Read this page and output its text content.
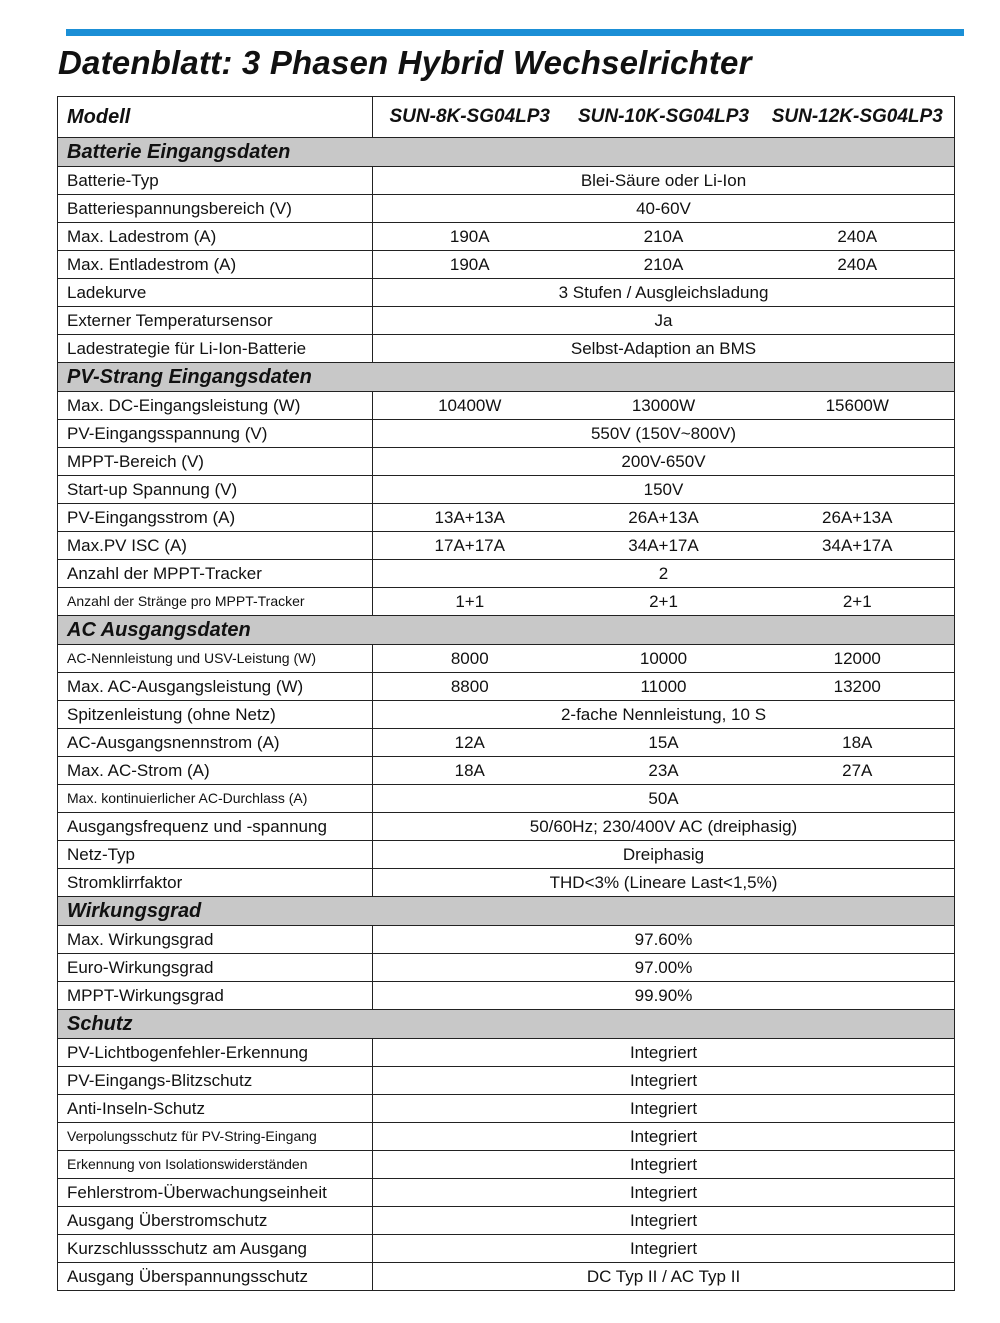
Datenblatt: 3 Phasen Hybrid Wechselrichter
Modell	SUN-8K-SG04LP3	SUN-10K-SG04LP3	SUN-12K-SG04LP3
Batterie Eingangsdaten			
Batterie-Typ	Blei-Säure oder Li-Ion		
Batteriespannungsbereich (V)	40-60V		
Max. Ladestrom (A)	190A	210A	240A
Max. Entladestrom (A)	190A	210A	240A
Ladekurve	3 Stufen / Ausgleichsladung		
Externer Temperatursensor	Ja		
Ladestrategie für Li-Ion-Batterie	Selbst-Adaption an BMS		
PV-Strang Eingangsdaten			
Max. DC-Eingangsleistung (W)	10400W	13000W	15600W
PV-Eingangsspannung (V)	550V (150V~800V)		
MPPT-Bereich (V)	200V-650V		
Start-up Spannung (V)	150V		
PV-Eingangsstrom (A)	13A+13A	26A+13A	26A+13A
Max.PV ISC (A)	17A+17A	34A+17A	34A+17A
Anzahl der MPPT-Tracker	2		
Anzahl der Stränge pro MPPT-Tracker	1+1	2+1	2+1
AC Ausgangsdaten			
AC-Nennleistung und USV-Leistung (W)	8000	10000	12000
Max. AC-Ausgangsleistung (W)	8800	11000	13200
Spitzenleistung (ohne Netz)	2-fache Nennleistung, 10 S		
AC-Ausgangsnennstrom (A)	12A	15A	18A
Max. AC-Strom (A)	18A	23A	27A
Max. kontinuierlicher AC-Durchlass (A)	50A		
Ausgangsfrequenz und -spannung	50/60Hz; 230/400V AC (dreiphasig)		
Netz-Typ	Dreiphasig		
Stromklirrfaktor	THD<3% (Lineare Last<1,5%)		
Wirkungsgrad			
Max. Wirkungsgrad	97.60%		
Euro-Wirkungsgrad	97.00%		
MPPT-Wirkungsgrad	99.90%		
Schutz			
PV-Lichtbogenfehler-Erkennung	Integriert		
PV-Eingangs-Blitzschutz	Integriert		
Anti-Inseln-Schutz	Integriert		
Verpolungsschutz für PV-String-Eingang	Integriert		
Erkennung von Isolationswiderständen	Integriert		
Fehlerstrom-Überwachungseinheit	Integriert		
Ausgang Überstromschutz	Integriert		
Kurzschlussschutz am Ausgang	Integriert		
Ausgang Überspannungsschutz	DC Typ II / AC Typ II		
